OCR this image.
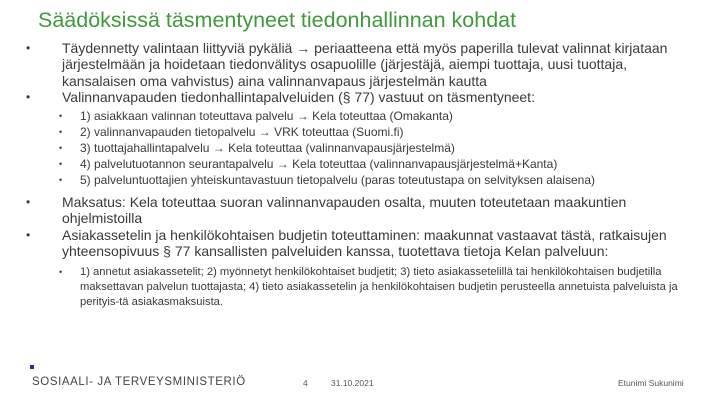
Säädöksissä täsmentyneet tiedonhallinnan kohdat
• Täydennetty valintaan liittyviä pykäliä → periaatteena että myös paperilla tulevat valinnat kirjataan järjestelmään ja hoidetaan tiedonvälitys osapuolille (järjestäjä, aiempi tuottaja, uusi tuottaja, kansalaisen oma vahvistus) aina valinnanvapaus järjestelmän kautta
• Valinnanvapauden tiedonhallintapalveluiden (§ 77) vastuut on täsmentyneet:
• 1) asiakkaan valinnan toteuttava palvelu → Kela toteuttaa (Omakanta)
• 2) valinnanvapauden tietopalvelu → VRK toteuttaa (Suomi.fi)
• 3) tuottajahallintapalvelu → Kela toteuttaa (valinnanvapausjärjestelmä)
• 4) palvelutuotannon seurantapalvelu → Kela toteuttaa (valinnanvapausjärjestelmä+Kanta)
• 5) palveluntuottajien yhteiskuntavastuun tietopalvelu (paras toteutustapa on selvityksen alaisena)
• Maksatus: Kela toteuttaa suoran valinnanvapauden osalta, muuten toteutetaan maakuntien ohjelmistoilla
• Asiakassetelin ja henkilökohtaisen budjetin toteuttaminen: maakunnat vastaavat tästä, ratkaisujen yhteensopivuus § 77 kansallisten palveluiden kanssa, tuotettava tietoja Kelan palveluun:
• 1) annetut asiakassetelit; 2) myönnetyt henkilökohtaiset budjetit; 3) tieto asiakassetelillä tai henkilökohtaisen budjetilla maksettavan palvelun tuottajasta; 4) tieto asiakassetelin ja henkilökohtaisen budjetin perusteella annetuista palveluista ja perityis-tä asiakasmaksuista.
SOSIAALI- JA TERVEYSMINISTERIÖ	4	31.10.2021	Etunimi Sukunimi
